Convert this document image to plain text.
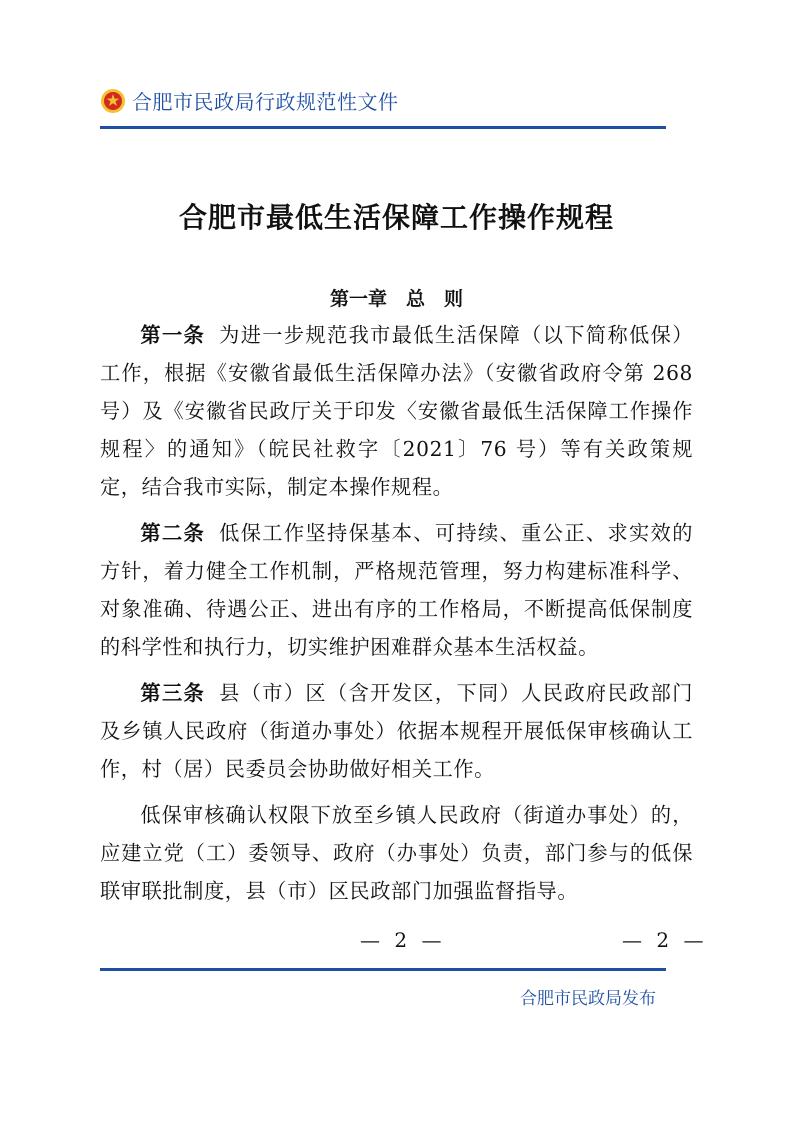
合肥市民政局行政规范性文件
合肥市最低生活保障工作操作规程
第一章　总　则

第一条 为进一步规范我市最低生活保障（以下简称低保）工作，根据《安徽省最低生活保障办法》（安徽省政府令第 268 号）及《安徽省民政厅关于印发〈安徽省最低生活保障工作操作规程〉的通知》（皖民社救字〔2021〕76 号）等有关政策规定，结合我市实际，制定本操作规程。

第二条 低保工作坚持保基本、可持续、重公正、求实效的方针，着力健全工作机制，严格规范管理，努力构建标准科学、对象准确、待遇公正、进出有序的工作格局，不断提高低保制度的科学性和执行力，切实维护困难群众基本生活权益。

第三条 县（市）区（含开发区，下同）人民政府民政部门及乡镇人民政府（街道办事处）依据本规程开展低保审核确认工作，村（居）民委员会协助做好相关工作。

低保审核确认权限下放至乡镇人民政府（街道办事处）的，应建立党（工）委领导、政府（办事处）负责，部门参与的低保联审联批制度，县（市）区民政部门加强监督指导。

— 2 —	— 2 —
合肥市民政局发布
